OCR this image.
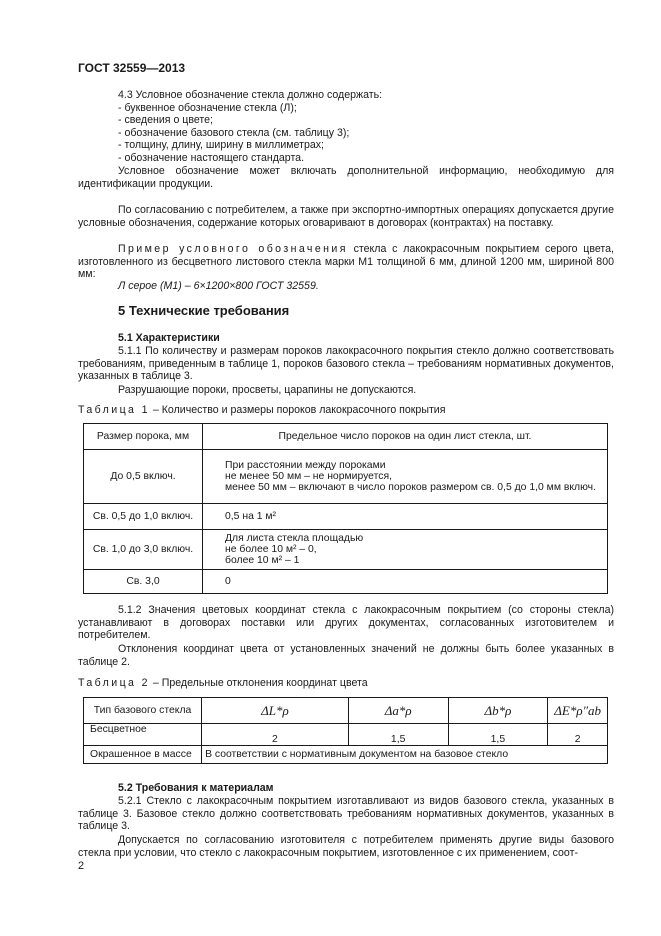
ГОСТ 32559—2013
4.3 Условное обозначение стекла должно содержать:
- буквенное обозначение стекла (Л);
- сведения о цвете;
- обозначение базового стекла (см. таблицу 3);
- толщину, длину, ширину в миллиметрах;
- обозначение настоящего стандарта.
Условное обозначение может включать дополнительной информацию, необходимую для идентификации продукции.
По согласованию с потребителем, а также при экспортно-импортных операциях допускается другие условные обозначения, содержание которых оговаривают в договорах (контрактах) на поставку.
Пример условного обозначения стекла с лакокрасочным покрытием серого цвета, изготовленного из бесцветного листового стекла марки М1 толщиной 6 мм, длиной 1200 мм, шириной 800 мм:
Л серое (М1) – 6×1200×800 ГОСТ 32559.
5 Технические требования
5.1 Характеристики
5.1.1 По количеству и размерам пороков лакокрасочного покрытия стекло должно соответствовать требованиям, приведенным в таблице 1, пороков базового стекла – требованиям нормативных документов, указанных в таблице 3.
Разрушающие пороки, просветы, царапины не допускаются.
Таблица 1 – Количество и размеры пороков лакокрасочного покрытия
Размер порока, мм	Предельное число пороков на один лист стекла, шт.
До 0,5 включ.	При расстоянии между пороками
не менее 50 мм – не нормируется,
менее 50 мм – включают в число пороков размером св. 0,5 до 1,0 мм включ.

Св. 0,5 до 1,0 включ.	0,5 на 1 м²

Св. 1,0 до 3,0 включ.	Для листа стекла площадью
не более 10 м² – 0,
более 10 м² – 1

Св. 3,0	0
5.1.2 Значения цветовых координат стекла с лакокрасочным покрытием (со стороны стекла) устанавливают в договорах поставки или других документах, согласованных изготовителем и потребителем.
Отклонения координат цвета от установленных значений не должны быть более указанных в таблице 2.
Таблица 2 – Предельные отклонения координат цвета
Тип базового стекла	ΔL*ρ	Δa*ρ	Δb*ρ	ΔE*ρ″ab
Бесцветное	2	1,5	1,5	2
Окрашенное в массе	В соответствии с нормативным документом на базовое стекло			
5.2 Требования к материалам
5.2.1 Стекло с лакокрасочным покрытием изготавливают из видов базового стекла, указанных в таблице 3. Базовое стекло должно соответствовать требованиям нормативных документов, указанных в таблице 3.
Допускается по согласованию изготовителя с потребителем применять другие виды базового стекла при условии, что стекло с лакокрасочным покрытием, изготовленное с их применением, соот-
2
